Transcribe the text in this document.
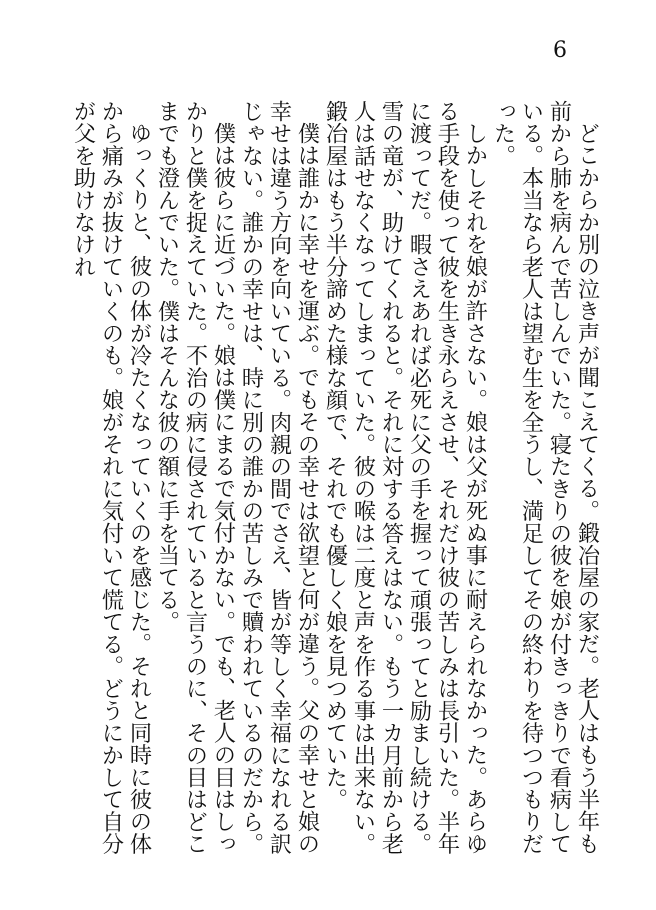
6

どこからか別の泣き声が聞こえてくる。鍛冶屋の家だ。老人はもう半年も前から肺を病んで苦しんでいた。寝たきりの彼を娘が付きっきりで看病している。本当なら老人は望む生を全うし、満足してその終わりを待つつもりだった。

しかしそれを娘が許さない。娘は父が死ぬ事に耐えられなかった。あらゆる手段を使って彼を生き永らえさせ、それだけ彼の苦しみは長引いた。半年に渡ってだ。暇さえあれば必死に父の手を握って頑張ってと励まし続ける。雪の竜が、助けてくれると。それに対する答えはない。もう一カ月前から老人は話せなくなってしまっていた。彼の喉は二度と声を作る事は出来ない。鍛冶屋はもう半分諦めた様な顔で、それでも優しく娘を見つめていた。

僕は誰かに幸せを運ぶ。でもその幸せは欲望と何が違う。父の幸せと娘の幸せは違う方向を向いている。肉親の間でさえ、皆が等しく幸福になれる訳じゃない。誰かの幸せは、時に別の誰かの苦しみで贖われているのだから。

僕は彼らに近づいた。娘は僕にまるで気付かない。でも、老人の目はしっかりと僕を捉えていた。不治の病に侵されていると言うのに、その目はどこまでも澄んでいた。僕はそんな彼の額に手を当てる。

ゆっくりと、彼の体が冷たくなっていくのを感じた。それと同時に彼の体から痛みが抜けていくのも。娘がそれに気付いて慌てる。どうにかして自分が父を助けなけれ
